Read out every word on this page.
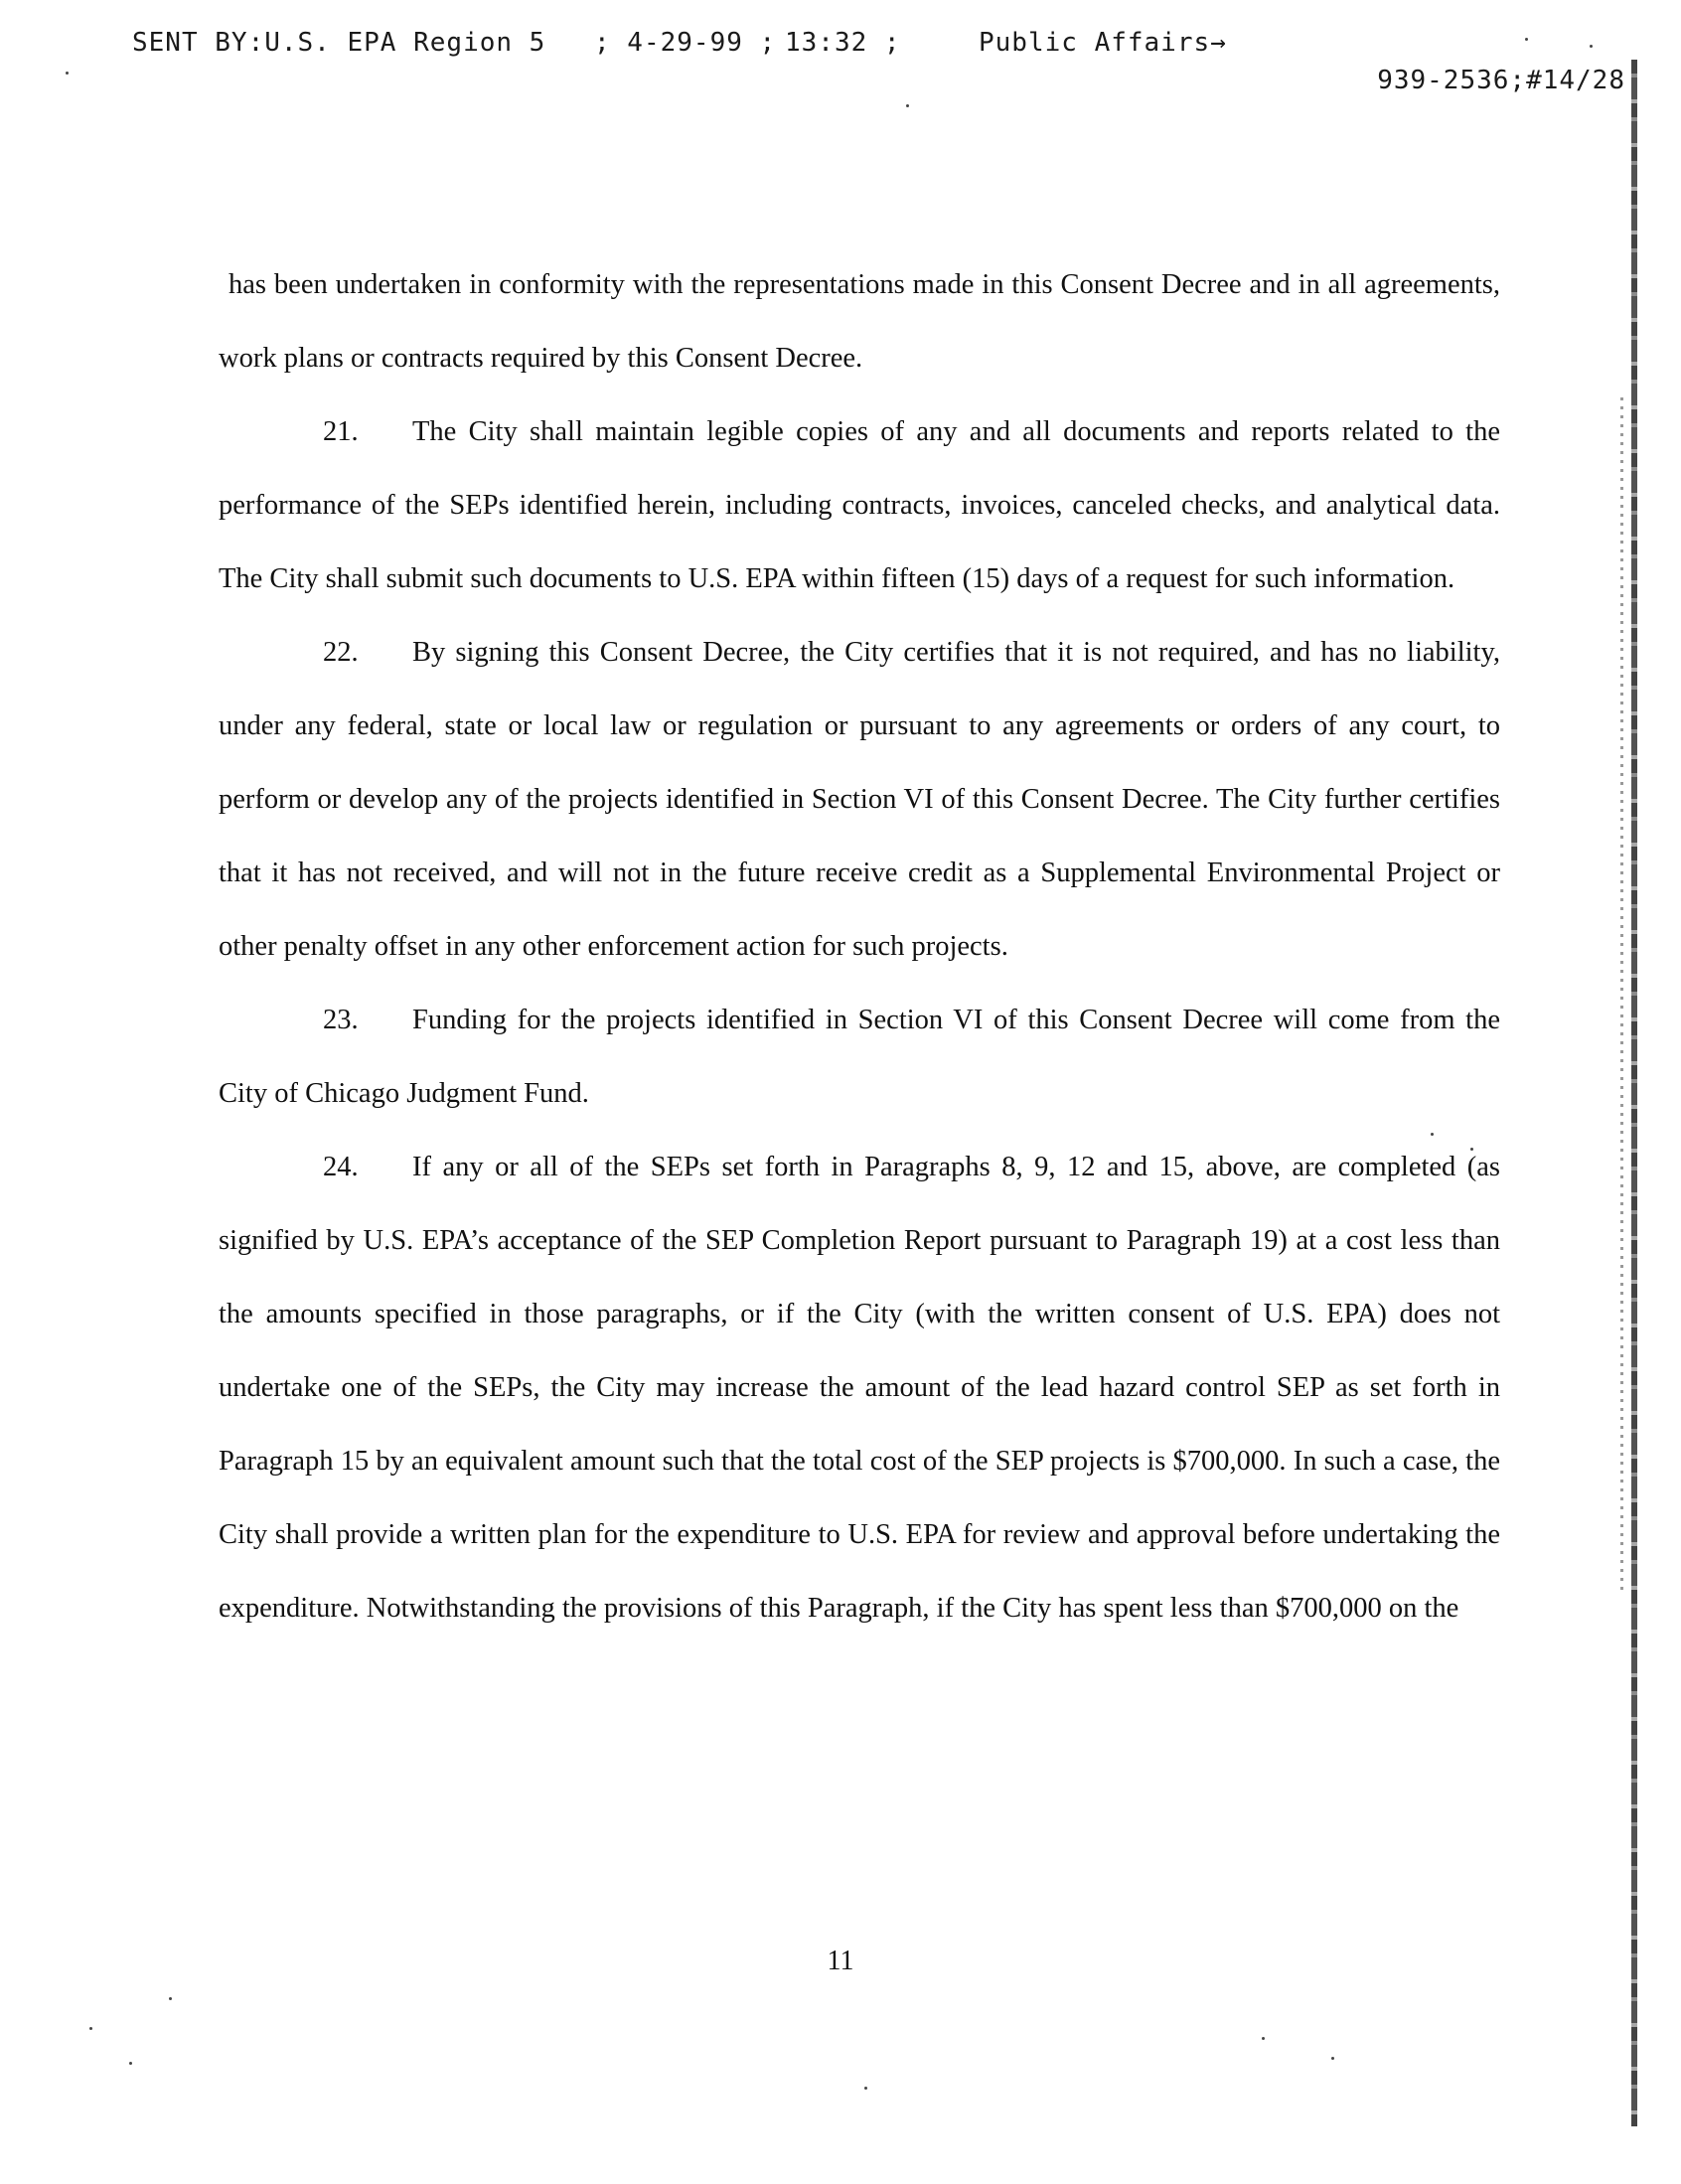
SENT BY:U.S. EPA Region 5 ; 4-29-99 ; 13:32 ;	Public Affairs→
939-2536;#14/28

has been undertaken in conformity with the representations made in this Consent Decree and in all agreements, work plans or contracts required by this Consent Decree.

21. The City shall maintain legible copies of any and all documents and reports related to the performance of the SEPs identified herein, including contracts, invoices, canceled checks, and analytical data. The City shall submit such documents to U.S. EPA within fifteen (15) days of a request for such information.

22. By signing this Consent Decree, the City certifies that it is not required, and has no liability, under any federal, state or local law or regulation or pursuant to any agreements or orders of any court, to perform or develop any of the projects identified in Section VI of this Consent Decree. The City further certifies that it has not received, and will not in the future receive credit as a Supplemental Environmental Project or other penalty offset in any other enforcement action for such projects.

23. Funding for the projects identified in Section VI of this Consent Decree will come from the City of Chicago Judgment Fund.

24. If any or all of the SEPs set forth in Paragraphs 8, 9, 12 and 15, above, are completed (as signified by U.S. EPA’s acceptance of the SEP Completion Report pursuant to Paragraph 19) at a cost less than the amounts specified in those paragraphs, or if the City (with the written consent of U.S. EPA) does not undertake one of the SEPs, the City may increase the amount of the lead hazard control SEP as set forth in Paragraph 15 by an equivalent amount such that the total cost of the SEP projects is $700,000. In such a case, the City shall provide a written plan for the expenditure to U.S. EPA for review and approval before undertaking the expenditure. Notwithstanding the provisions of this Paragraph, if the City has spent less than $700,000 on the

11
